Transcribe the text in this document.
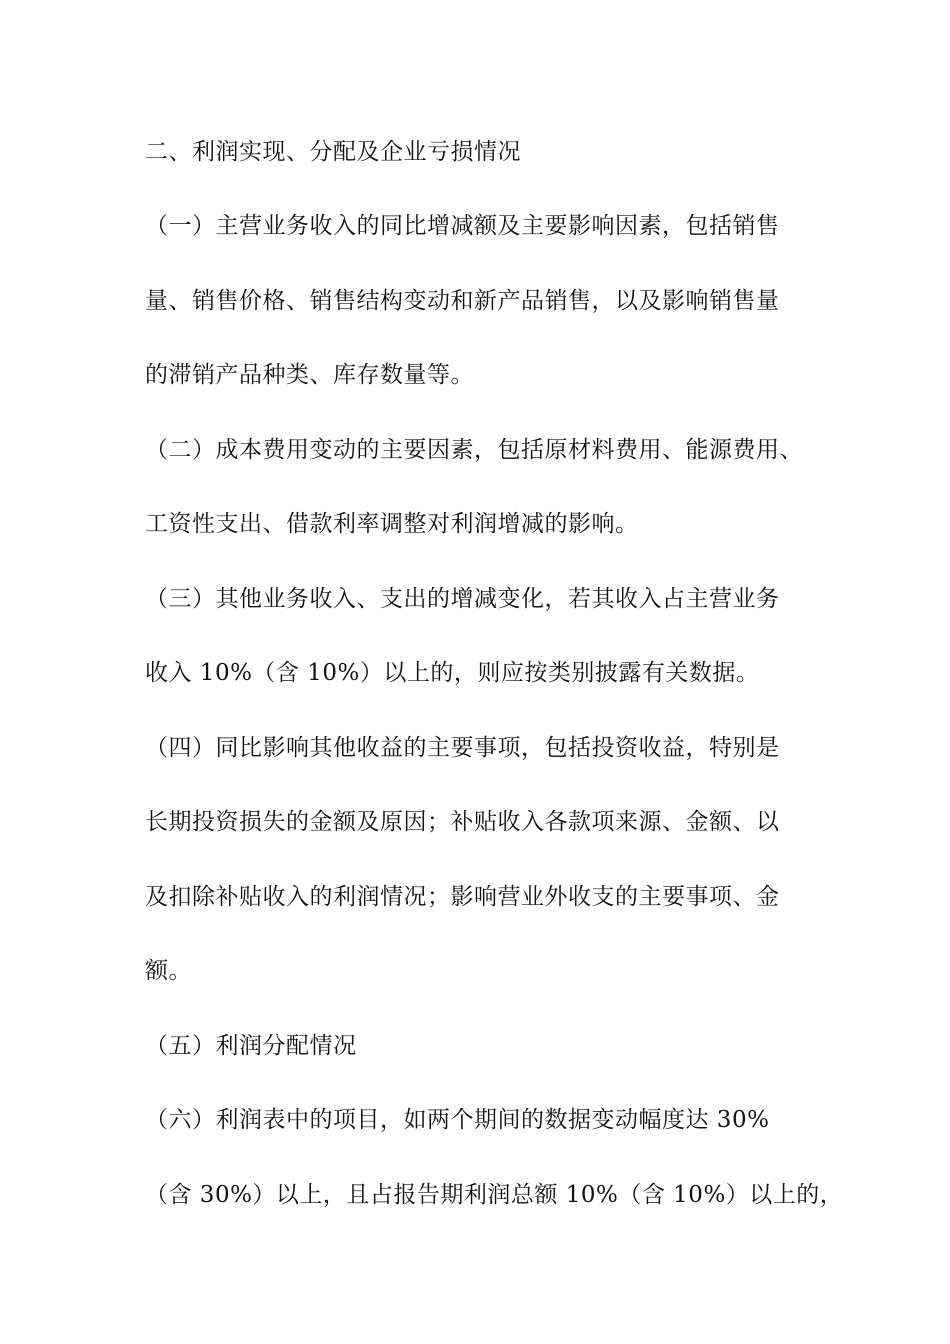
二、利润实现、分配及企业亏损情况
（一）主营业务收入的同比增减额及主要影响因素，包括销售
量、销售价格、销售结构变动和新产品销售，以及影响销售量
的滞销产品种类、库存数量等。
（二）成本费用变动的主要因素，包括原材料费用、能源费用、
工资性支出、借款利率调整对利润增减的影响。
（三）其他业务收入、支出的增减变化，若其收入占主营业务
收入 10%（含 10%）以上的，则应按类别披露有关数据。
（四）同比影响其他收益的主要事项，包括投资收益，特别是
长期投资损失的金额及原因；补贴收入各款项来源、金额、以
及扣除补贴收入的利润情况；影响营业外收支的主要事项、金
额。
（五）利润分配情况
（六）利润表中的项目，如两个期间的数据变动幅度达 30%
（含 30%）以上，且占报告期利润总额 10%（含 10%）以上的，
